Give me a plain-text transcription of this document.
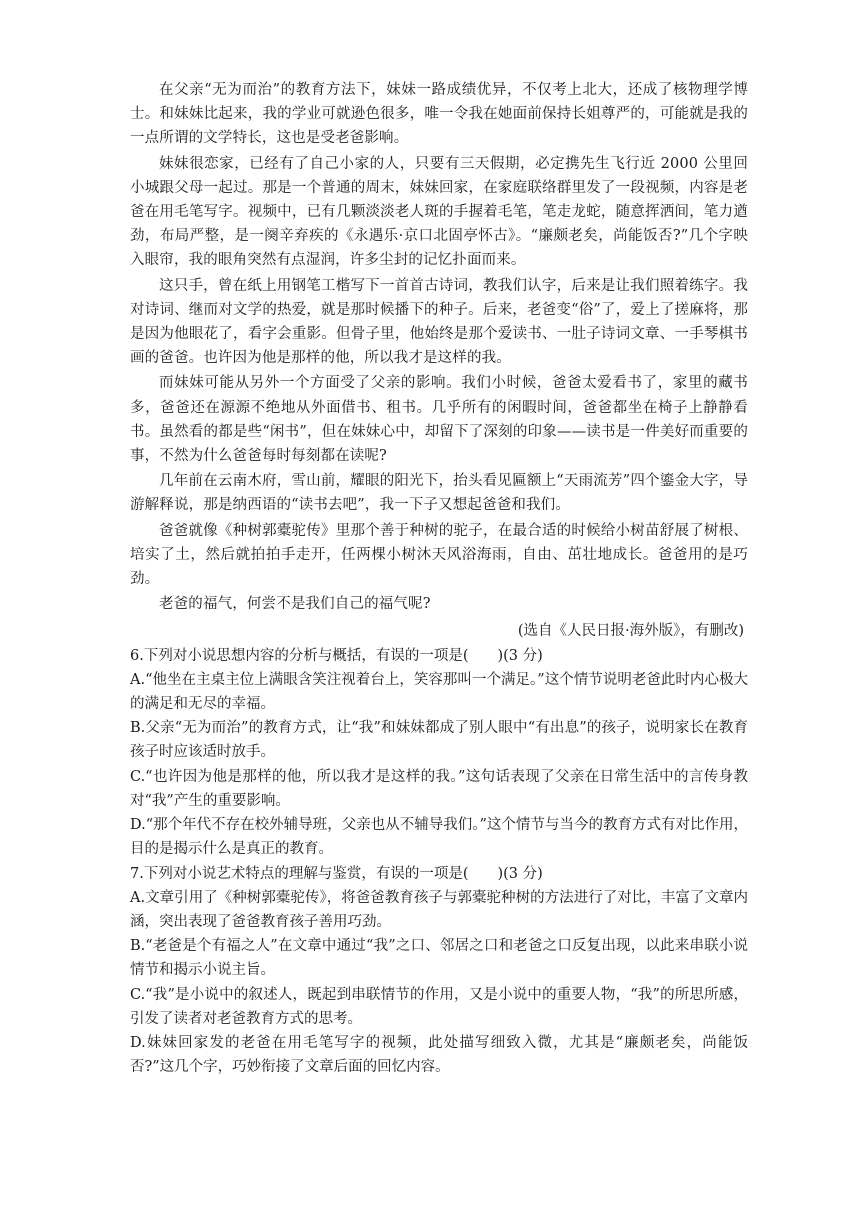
在父亲“无为而治”的教育方法下，妹妹一路成绩优异，不仅考上北大，还成了核物理学博士。和妹妹比起来，我的学业可就逊色很多，唯一令我在她面前保持长姐尊严的，可能就是我的一点所谓的文学特长，这也是受老爸影响。

妹妹很恋家，已经有了自己小家的人，只要有三天假期，必定携先生飞行近 2000 公里回小城跟父母一起过。那是一个普通的周末，妹妹回家，在家庭联络群里发了一段视频，内容是老爸在用毛笔写字。视频中，已有几颗淡淡老人斑的手握着毛笔，笔走龙蛇，随意挥洒间，笔力遒劲，布局严整，是一阕辛弃疾的《永遇乐·京口北固亭怀古》。“廉颇老矣，尚能饭否?”几个字映入眼帘，我的眼角突然有点湿润，许多尘封的记忆扑面而来。

这只手，曾在纸上用钢笔工楷写下一首首古诗词，教我们认字，后来是让我们照着练字。我对诗词、继而对文学的热爱，就是那时候播下的种子。后来，老爸变“俗”了，爱上了搓麻将，那是因为他眼花了，看字会重影。但骨子里，他始终是那个爱读书、一肚子诗词文章、一手琴棋书画的爸爸。也许因为他是那样的他，所以我才是这样的我。

而妹妹可能从另外一个方面受了父亲的影响。我们小时候，爸爸太爱看书了，家里的藏书多，爸爸还在源源不绝地从外面借书、租书。几乎所有的闲暇时间，爸爸都坐在椅子上静静看书。虽然看的都是些“闲书”，但在妹妹心中，却留下了深刻的印象——读书是一件美好而重要的事，不然为什么爸爸每时每刻都在读呢?

几年前在云南木府，雪山前，耀眼的阳光下，抬头看见匾额上“天雨流芳”四个鎏金大字，导游解释说，那是纳西语的“读书去吧”，我一下子又想起爸爸和我们。

爸爸就像《种树郭橐驼传》里那个善于种树的驼子，在最合适的时候给小树苗舒展了树根、培实了土，然后就拍拍手走开，任两棵小树沐天风浴海雨，自由、茁壮地成长。爸爸用的是巧劲。

老爸的福气，何尝不是我们自己的福气呢?

(选自《人民日报·海外版》，有删改)

6.下列对小说思想内容的分析与概括，有误的一项是(　　)(3 分)

A.“他坐在主桌主位上满眼含笑注视着台上，笑容那叫一个满足。”这个情节说明老爸此时内心极大的满足和无尽的幸福。

B.父亲“无为而治”的教育方式，让“我”和妹妹都成了别人眼中“有出息”的孩子，说明家长在教育孩子时应该适时放手。

C.“也许因为他是那样的他，所以我才是这样的我。”这句话表现了父亲在日常生活中的言传身教对“我”产生的重要影响。

D.“那个年代不存在校外辅导班，父亲也从不辅导我们。”这个情节与当今的教育方式有对比作用，目的是揭示什么是真正的教育。

7.下列对小说艺术特点的理解与鉴赏，有误的一项是(　　)(3 分)

A.文章引用了《种树郭橐驼传》，将爸爸教育孩子与郭橐驼种树的方法进行了对比，丰富了文章内涵，突出表现了爸爸教育孩子善用巧劲。

B.“老爸是个有福之人”在文章中通过“我”之口、邻居之口和老爸之口反复出现，以此来串联小说情节和揭示小说主旨。

C.“我”是小说中的叙述人，既起到串联情节的作用，又是小说中的重要人物，“我”的所思所感，引发了读者对老爸教育方式的思考。

D.妹妹回家发的老爸在用毛笔写字的视频，此处描写细致入微，尤其是“廉颇老矣，尚能饭否?”这几个字，巧妙衔接了文章后面的回忆内容。
